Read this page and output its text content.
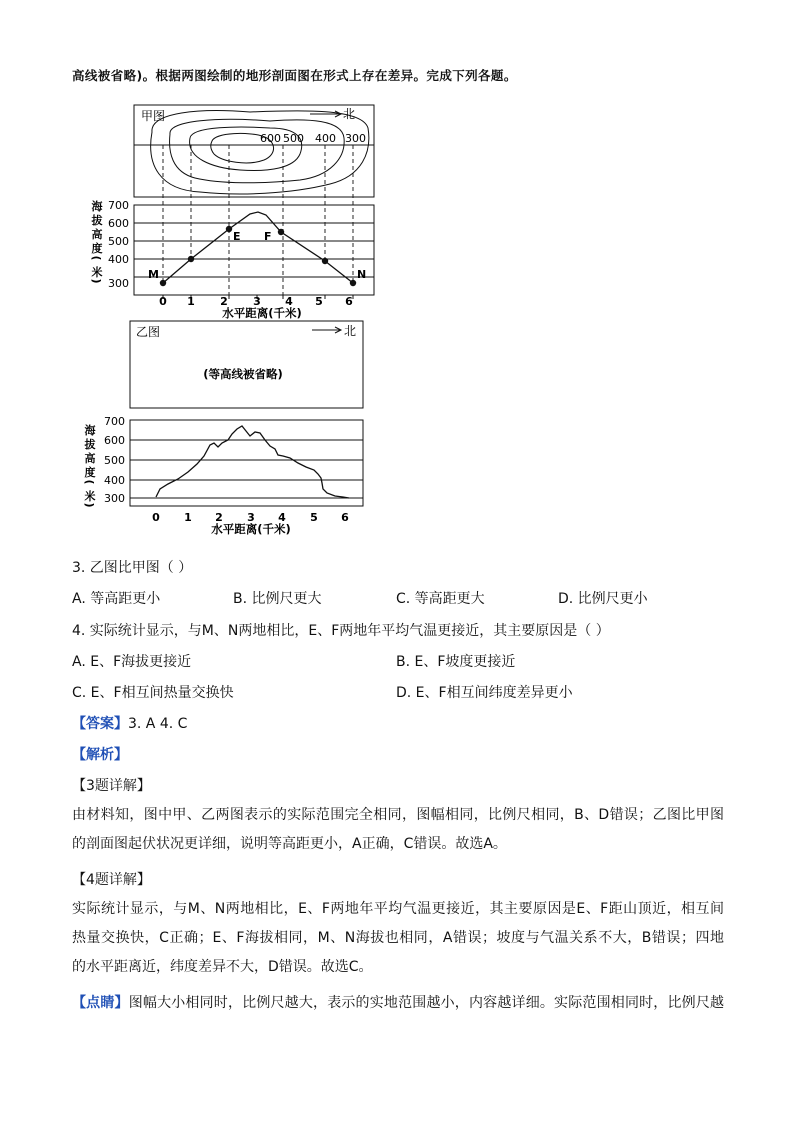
高线被省略)。根据两图绘制的地形剖面图在形式上存在差异。完成下列各题。
甲图	北
600 500 400 300
M
E F
N
700
600
500
400
300
海
拔
高
度
(
米
)
0 1 2 3 4 5 6
水平距离(千米)
乙图	北
(等高线被省略)
700
600
500
400
300
海
拔
高
度
(
米
)
0 1 2 3 4 5 6
水平距离(千米)
3. 乙图比甲图（ ）
A. 等高距更小	B. 比例尺更大	C. 等高距更大	D. 比例尺更小
4. 实际统计显示，与M、N两地相比，E、F两地年平均气温更接近，其主要原因是（ ）
A. E、F海拔更接近	B. E、F坡度更接近
C. E、F相互间热量交换快	D. E、F相互间纬度差异更小
【答案】3. A 4. C
【解析】
【3题详解】
由材料知，图中甲、乙两图表示的实际范围完全相同，图幅相同，比例尺相同，B、D错误；乙图比甲图
的剖面图起伏状况更详细，说明等高距更小，A正确，C错误。故选A。
【4题详解】
实际统计显示，与M、N两地相比，E、F两地年平均气温更接近，其主要原因是E、F距山顶近，相互间
热量交换快，C正确；E、F海拔相同，M、N海拔也相同，A错误；坡度与气温关系不大，B错误；四地
的水平距离近，纬度差异不大，D错误。故选C。
【点睛】图幅大小相同时，比例尺越大，表示的实地范围越小，内容越详细。实际范围相同时，比例尺越
